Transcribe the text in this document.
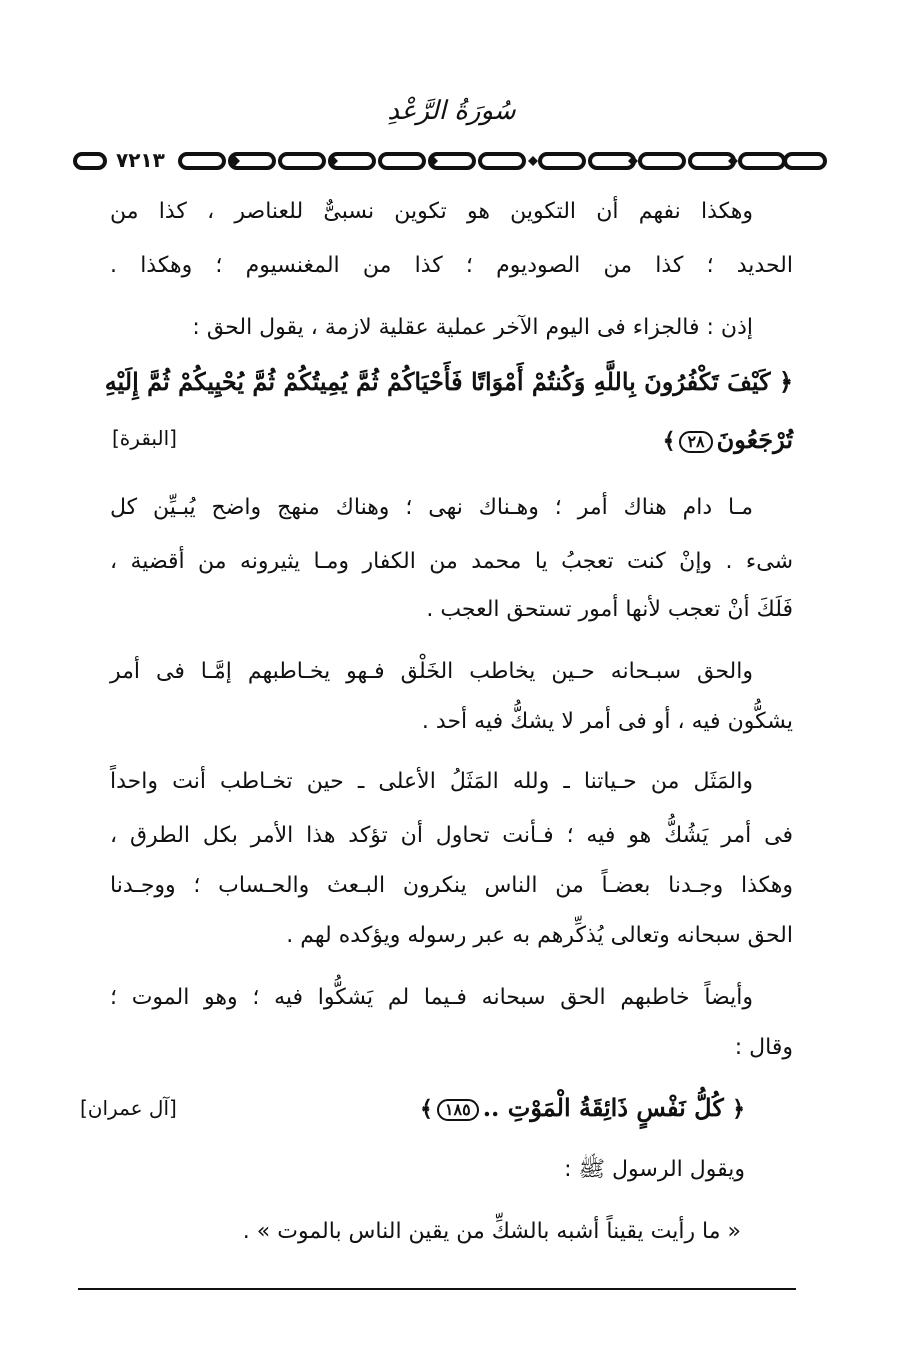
سُورَةُ الرَّعْدِ
٧٢١٣
وهكذا نفهم أن التكوين هو تكوين نسبىٌّ للعناصر ، كذا من
الحديد ؛ كذا من الصوديوم ؛ كذا من المغنسيوم ؛ وهكذا .
إذن : فالجزاء فى اليوم الآخر عملية عقلية لازمة ، يقول الحق :
﴿ كَيْفَ تَكْفُرُونَ بِاللَّهِ وَكُنتُمْ أَمْوَاتًا فَأَحْيَاكُمْ ثُمَّ يُمِيتُكُمْ ثُمَّ يُحْيِيكُمْ ثُمَّ إِلَيْهِ
تُرْجَعُونَ٢٨﴾
[البقرة]
مـا دام هناك أمر ؛ وهـناك نهى ؛ وهناك منهج واضح يُبـيِّن كل
شىء . وإنْ كنت تعجبُ يا محمد من الكفار ومـا يثيرونه من أقضية ،
فَلَكَ أنْ تعجب لأنها أمور تستحق العجب .
والحق سبـحانه حـين يخاطب الخَلْق فـهو يخـاطبهم إمَّـا فى أمر
يشكُّون فيه ، أو فى أمر لا يشكُّ فيه أحد .
والمَثَل من حـياتنا ـ ولله المَثَلُ الأعلى ـ حين تخـاطب أنت واحداً
فى أمر يَشُكُّ هو فيه ؛ فـأنت تحاول أن تؤكد هذا الأمر بكل الطرق ،
وهكذا وجـدنا بعضـاً من الناس ينكرون البـعث والحـساب ؛ ووجـدنا
الحق سبحانه وتعالى يُذكِّرهم به عبر رسوله ويؤكده لهم .
وأيضاً خاطبهم الحق سبحانه فـيما لم يَشكُّوا فيه ؛ وهو الموت ؛
وقال :
﴿ كُلُّ نَفْسٍ ذَائِقَةُ الْمَوْتِ ..١٨٥﴾
[آل عمران]
ويقول الرسول ﷺ :
« ما رأيت يقيناً أشبه بالشكِّ من يقين الناس بالموت » .
